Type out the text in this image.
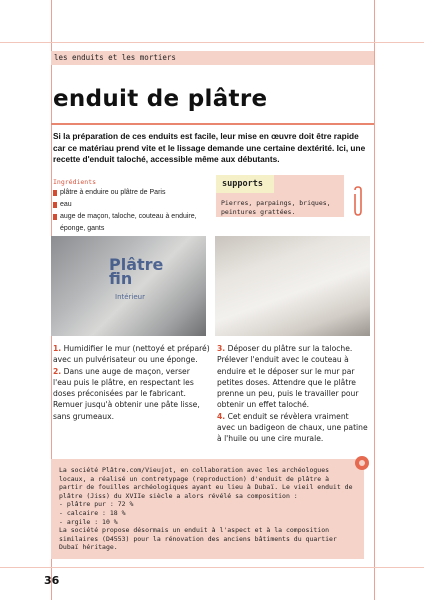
les enduits et les mortiers
enduit de plâtre

Si la préparation de ces enduits est facile, leur mise en œuvre doit être rapide car ce matériau prend vite et le lissage demande une certaine dextérité. Ici, une recette d'enduit taloché, accessible même aux débutants.

Ingrédients
plâtre à enduire ou plâtre de Paris
eau
auge de maçon, taloche, couteau à enduire, éponge, gants
supports
Pierres, parpaings, briques, peintures grattées.
Plâtre
fin
Intérieur

1. Humidifier le mur (nettoyé et préparé) avec un pulvérisateur ou une éponge.

2. Dans une auge de maçon, verser l'eau puis le plâtre, en respectant les doses préconisées par le fabricant. Remuer jusqu'à obtenir une pâte lisse, sans grumeaux.

3. Déposer du plâtre sur la taloche. Prélever l'enduit avec le couteau à enduire et le déposer sur le mur par petites doses. Attendre que le plâtre prenne un peu, puis le travailler pour obtenir un effet taloché.

4. Cet enduit se révèlera vraiment avec un badigeon de chaux, une patine à l'huile ou une cire murale.

La société Plâtre.com/Vieujot, en collaboration avec les archéologues locaux, a réalisé un contretypage (reproduction) d'enduit de plâtre à partir de fouilles archéologiques ayant eu lieu à Dubaï. Le vieil enduit de plâtre (Jiss) du XVIIe siècle a alors révélé sa composition :

- plâtre pur : 72 %

- calcaire : 18 %

- argile : 10 %

La société propose désormais un enduit à l'aspect et à la composition similaires (D4553) pour la rénovation des anciens bâtiments du quartier Dubaï héritage.

36
